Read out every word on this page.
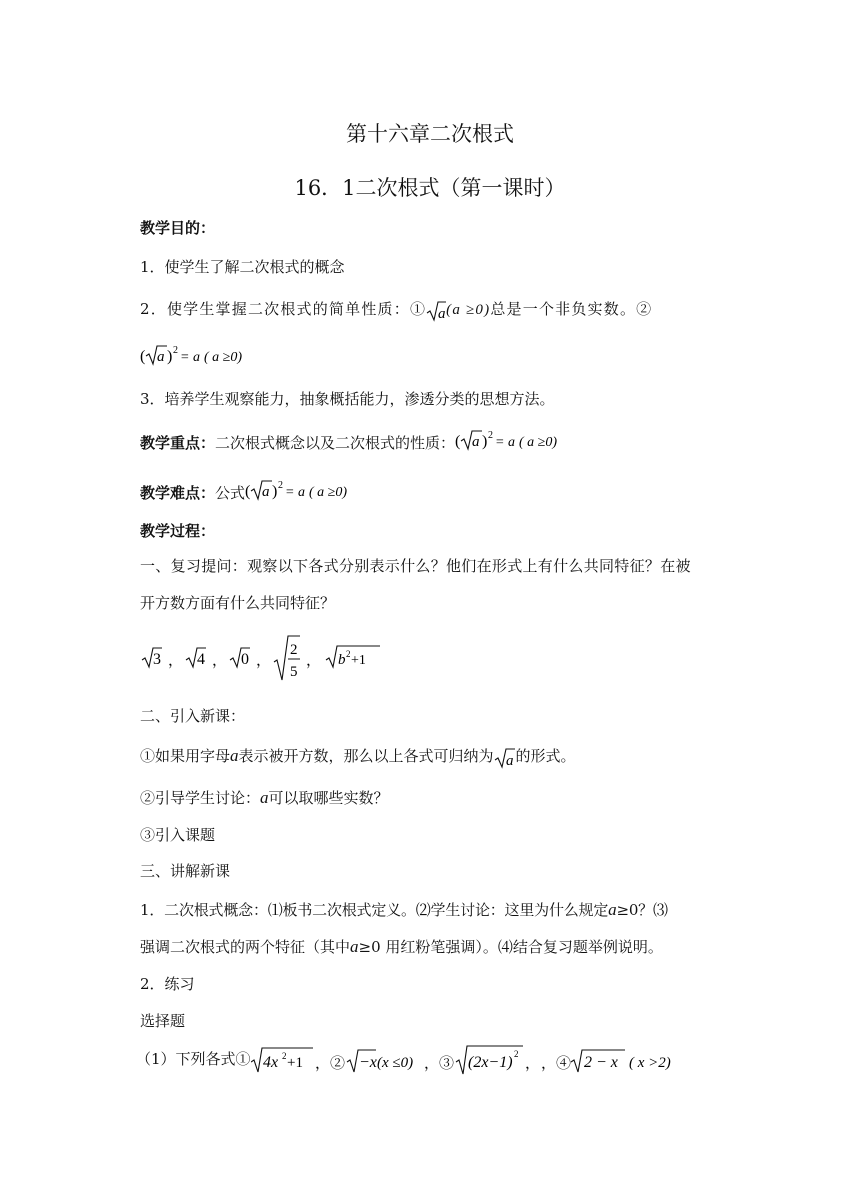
第十六章二次根式
16．1二次根式（第一课时）
教学目的：
1．使学生了解二次根式的概念
2．使学生掌握二次根式的简单性质：① a (a ≥0)总是一个非负实数。②
( a ) 2 = a ( a ≥0)
3．培养学生观察能力，抽象概括能力，渗透分类的思想方法。
教学重点：二次根式概念以及二次根式的性质： ( a ) 2 = a ( a ≥0)
教学难点：公式 ( a ) 2 = a ( a ≥0)
教学过程：
一、复习提问：观察以下各式分别表示什么？他们在形式上有什么共同特征？在被
开方数方面有什么共同特征？
3 ， 4 ， 0 ，
2
5
， b 2 +1
二、引入新课：
①如果用字母a表示被开方数，那么以上各式可归纳为 a 的形式。
②引导学生讨论：a可以取哪些实数？
③引入课题
三、讲解新课
1．二次根式概念：⑴板书二次根式定义。⑵学生讨论：这里为什么规定a≥0？⑶
强调二次根式的两个特征（其中a≥0 用红粉笔强调）。⑷结合复习题举例说明。
2．练习
选择题
（1）下列各式① 4x 2 +1 ，② −x (x ≤0) ，③ (2x−1) 2
， ，④ 2 − x ( x >2)
